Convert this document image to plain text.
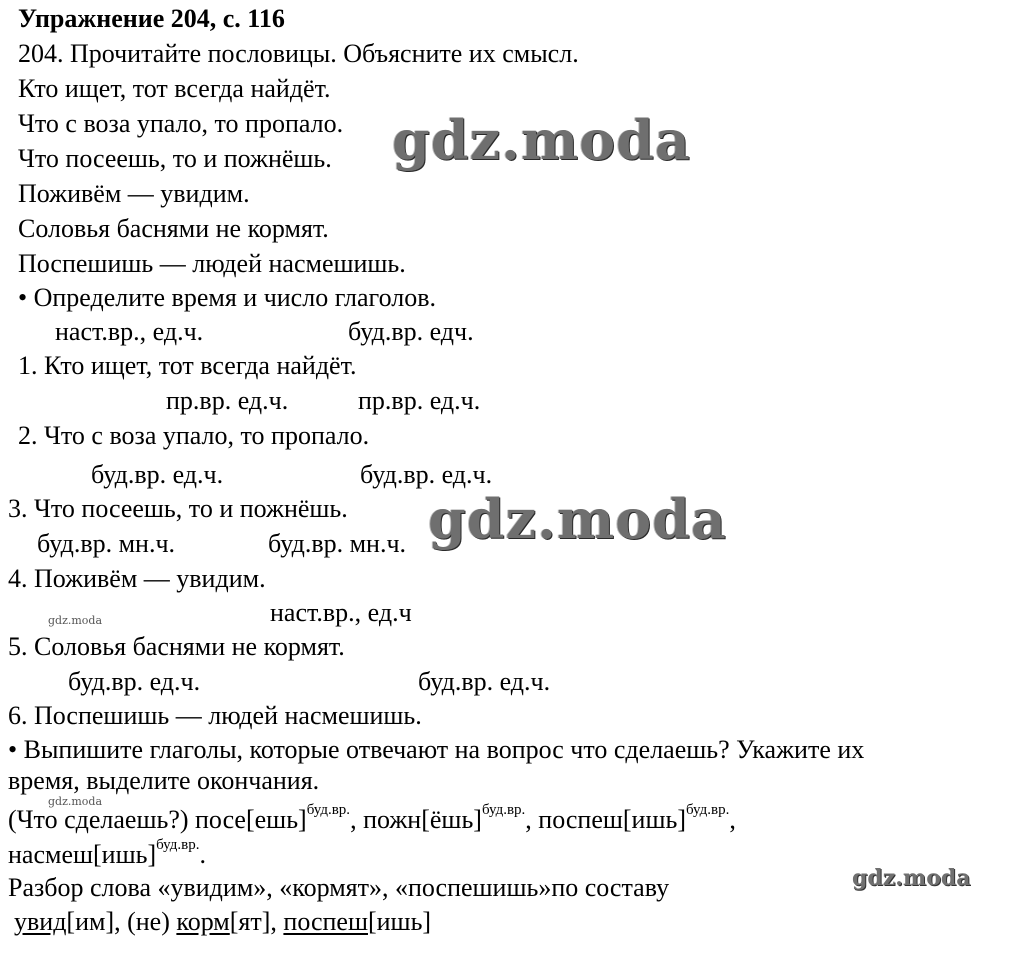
Упражнение 204, с. 116
204. Прочитайте пословицы. Объясните их смысл.
Кто ищет, тот всегда найдёт.
Что с воза упало, то пропало.
Что посеешь, то и пожнёшь.
Поживём — увидим.
Соловья баснями не кормят.
Поспешишь — людей насмешишь.
• Определите время и число глаголов.
наст.вр., ед.ч.	буд.вр. едч.
1. Кто ищет, тот всегда найдёт.
пр.вр. ед.ч.	пр.вр. ед.ч.
2. Что с воза упало, то пропало.
буд.вр. ед.ч.	буд.вр. ед.ч.
3. Что посеешь, то и пожнёшь.
буд.вр. мн.ч.	буд.вр. мн.ч.
4. Поживём — увидим.
наст.вр., ед.ч
5. Соловья баснями не кормят.
буд.вр. ед.ч.	буд.вр. ед.ч.
6. Поспешишь — людей насмешишь.
• Выпишите глаголы, которые отвечают на вопрос что сделаешь? Укажите их
время, выделите окончания.
(Что сделаешь?) посе[ешь]$^{буд.вр.}$, пожн[ёшь]$^{буд.вр.}$, поспеш[ишь]$^{буд.вр.}$,
насмеш[ишь]$^{буд.вр.}$.
Разбор слова «увидим», «кормят», «поспешишь»по составу
увид[им], (не) корм[ят], поспеш[ишь]
gdz.moda
gdz.moda
gdz.moda
gdz.moda
gdz.moda
